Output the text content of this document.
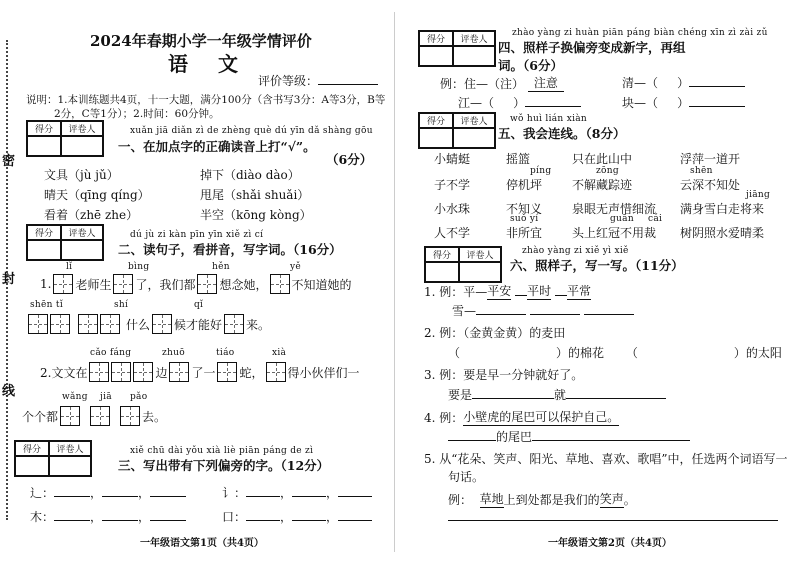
密
封
线
2024年春期小学一年级学情评价
语文
评价等级：
说明：1.本训练题共4页，十一大题，满分100分（含书写3分：A等3分，B等
2分，C等1分）；2.时间：60分钟。
得分	评卷人	xuǎn jiā diǎn zì de zhèng què dú yīn dǎ shàng gōu
一、在加点字的正确读音上打“√”。
（6分）
文具（jù jǔ）	掉下（diào dào）
晴天（qīng qíng）	甩尾（shǎi shuǎi）
看着（zhē zhe）	半空（kōng kòng）
得分	评卷人	dú jù zi kàn pīn yīn xiě zì cí
二、读句子，看拼音，写字词。（16分）
lǐ	bìng	hěn	yě
1. 老师生 了，我们都 想念她， 不知道她的
shēn tǐ	shí	qǐ
什么 候才能好 来。
cǎo fáng	zhuō	tiáo	xià
2.文文在	边 了一 蛇， 得小伙伴们一
wǎng jiā pǎo
个个都	去。
得分	评卷人	xiě chū dài yǒu xià liè piān páng de zì
三、写出带有下列偏旁的字。（12分）
辶：	，	，	讠：	，	，
木：	，	，	口：	，	，
一年级语文第1页（共4页）
得分	评卷人
zhào yàng zi huàn piān páng biàn chéng xīn zì zài zǔ
四、照样子换偏旁变成新字，再组
词。（6分）
例：住—（注） 注意	清—（     ）
江—（     ）	块—（     ）
得分	评卷人	wǒ huì lián xiàn
五、我会连线。（8分）
小蜻蜓	摇篮	只在此山中	浮萍一道开
子不学	停机坪 不解藏踪迹	云深不知处
小水珠	不知义 泉眼无声惜细流 满身雪白走将来
人不学	非所宜 头上红冠不用裁 树阴照水爱晴柔
píng	zōng	shēn
jiāng
suǒ yí	guān cái
得分	评卷人	zhào yàng zi xiě yì xiě
六、照样子，写一写。（11分）
1. 例：平—平安 平时 平常
雪—
2. 例：（金黄金黄）的麦田
（	）的棉花 （	）的太阳
3. 例：要是早一分钟就好了。
要是	就
4. 例：小壁虎的尾巴可以保护自己。
的尾巴
5. 从“花朵、笑声、阳光、草地、喜欢、歌唱”中，任选两个词语写一
句话。
例： 草地上到处都是我们的笑声。
一年级语文第2页（共4页）
